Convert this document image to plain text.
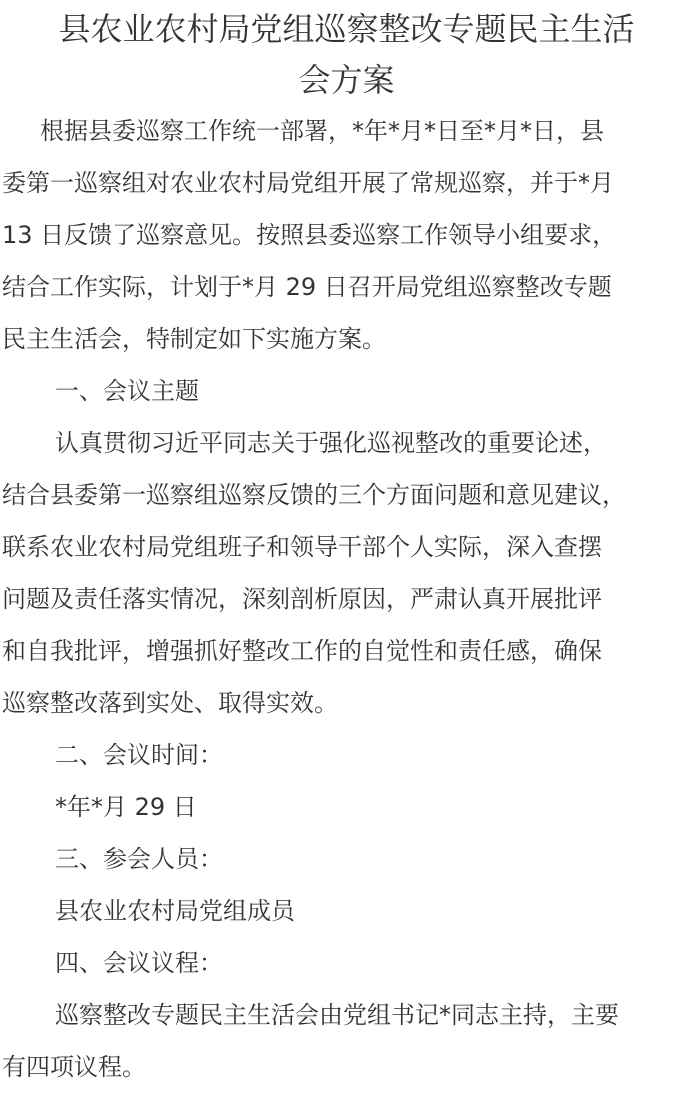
县农业农村局党组巡察整改专题民主生活
会方案
根据县委巡察工作统一部署，*年*月*日至*月*日，县
委第一巡察组对农业农村局党组开展了常规巡察，并于*月
13 日反馈了巡察意见。按照县委巡察工作领导小组要求，
结合工作实际，计划于*月 29 日召开局党组巡察整改专题
民主生活会，特制定如下实施方案。
一、会议主题
认真贯彻习近平同志关于强化巡视整改的重要论述，
结合县委第一巡察组巡察反馈的三个方面问题和意见建议，
联系农业农村局党组班子和领导干部个人实际，深入查摆
问题及责任落实情况，深刻剖析原因，严肃认真开展批评
和自我批评，增强抓好整改工作的自觉性和责任感，确保
巡察整改落到实处、取得实效。
二、会议时间：
*年*月 29 日
三、参会人员：
县农业农村局党组成员
四、会议议程：
巡察整改专题民主生活会由党组书记*同志主持，主要
有四项议程。
